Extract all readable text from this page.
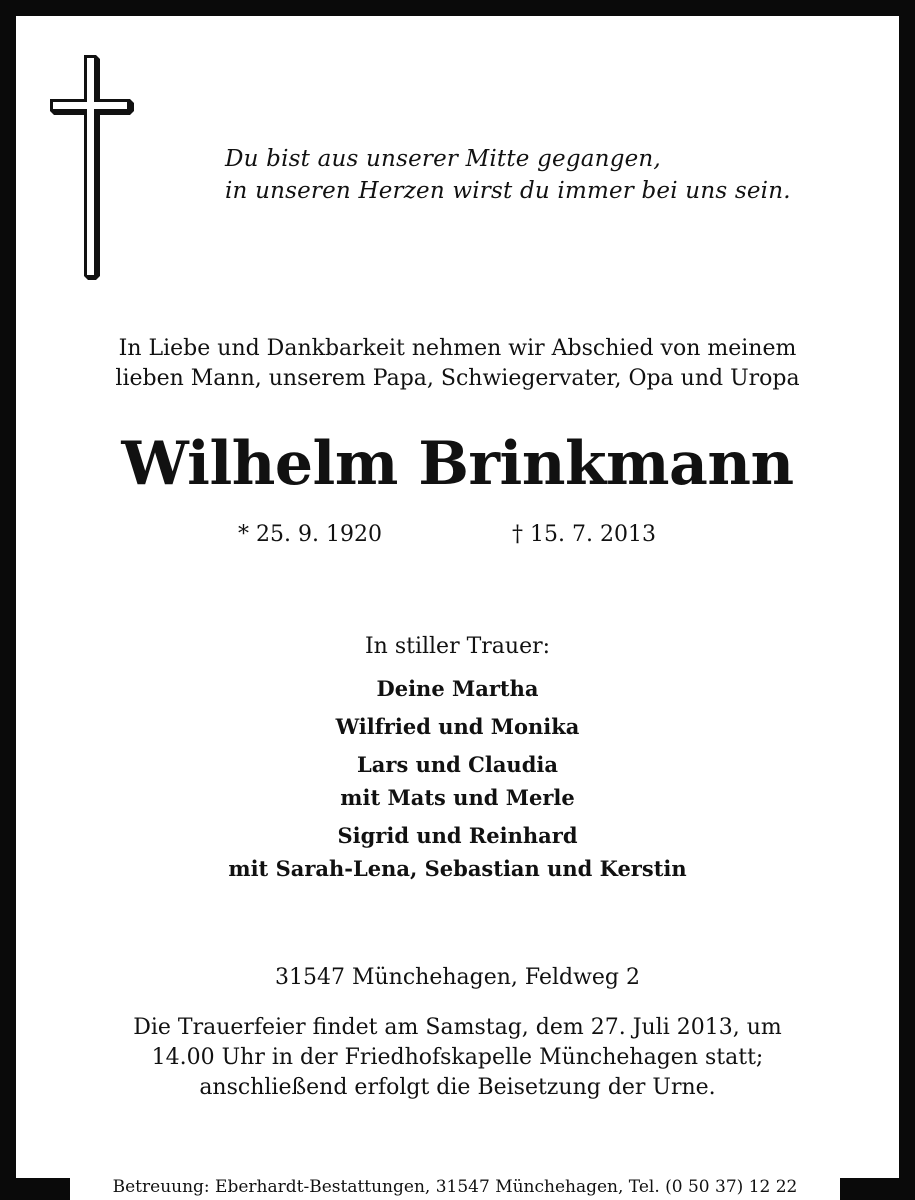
Du bist aus unserer Mitte gegangen,
in unseren Herzen wirst du immer bei uns sein.
In Liebe und Dankbarkeit nehmen wir Abschied von meinem
lieben Mann, unserem Papa, Schwiegervater, Opa und Uropa
Wilhelm Brinkmann
* 25. 9. 1920	† 15. 7. 2013
In stiller Trauer:
Deine Martha
Wilfried und Monika
Lars und Claudia
mit Mats und Merle
Sigrid und Reinhard
mit Sarah-Lena, Sebastian und Kerstin
31547 Münchehagen, Feldweg 2
Die Trauerfeier findet am Samstag, dem 27. Juli 2013, um
14.00 Uhr in der Friedhofskapelle Münchehagen statt;
anschließend erfolgt die Beisetzung der Urne.
Betreuung: Eberhardt-Bestattungen, 31547 Münchehagen, Tel. (0 50 37) 12 22
